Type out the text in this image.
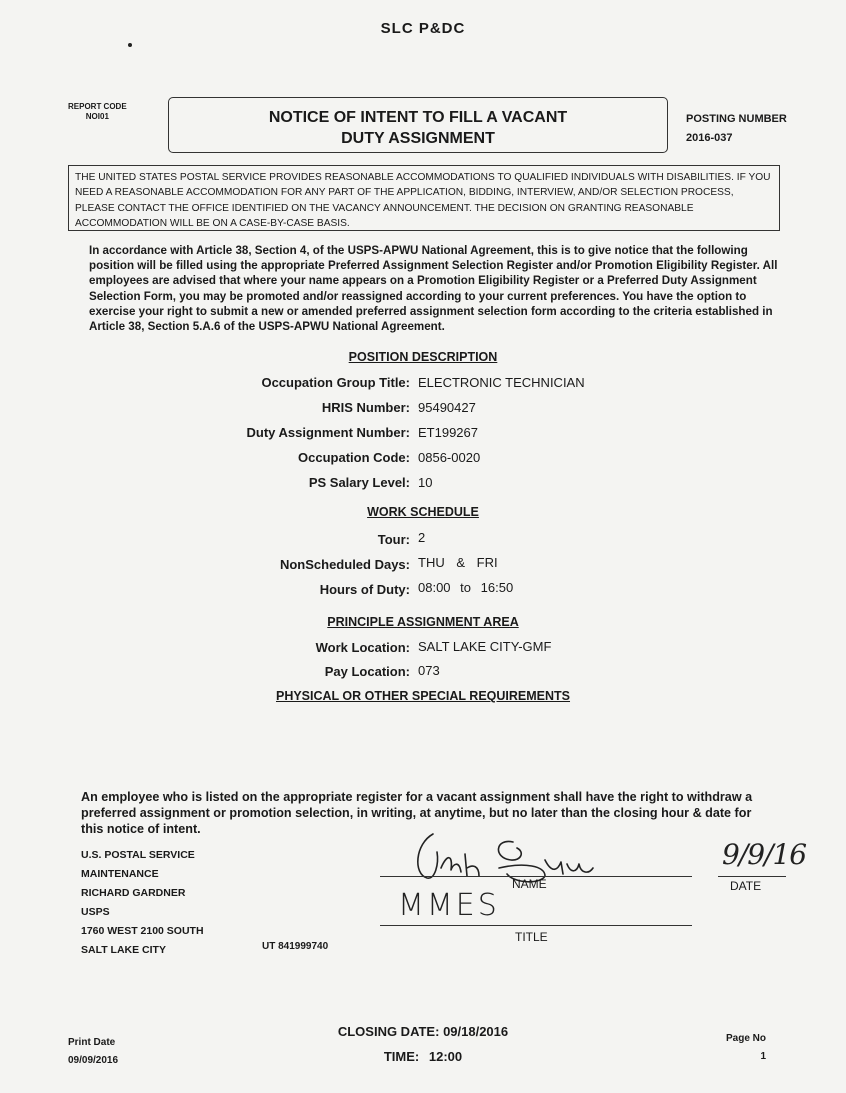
SLC P&DC
REPORT CODE
NOI01	NOTICE OF INTENT TO FILL A VACANT
DUTY ASSIGNMENT
POSTING NUMBER
2016-037
THE UNITED STATES POSTAL SERVICE PROVIDES REASONABLE ACCOMMODATIONS TO QUALIFIED INDIVIDUALS WITH DISABILITIES. IF YOU NEED A REASONABLE ACCOMMODATION FOR ANY PART OF THE APPLICATION, BIDDING, INTERVIEW, AND/OR SELECTION PROCESS, PLEASE CONTACT THE OFFICE IDENTIFIED ON THE VACANCY ANNOUNCEMENT. THE DECISION ON GRANTING REASONABLE ACCOMMODATION WILL BE ON A CASE-BY-CASE BASIS.
In accordance with Article 38, Section 4, of the USPS-APWU National Agreement, this is to give notice that the following position will be filled using the appropriate Preferred Assignment Selection Register and/or Promotion Eligibility Register. All employees are advised that where your name appears on a Promotion Eligibility Register or a Preferred Duty Assignment Selection Form, you may be promoted and/or reassigned according to your current preferences. You have the option to exercise your right to submit a new or amended preferred assignment selection form according to the criteria established in Article 38, Section 5.A.6 of the USPS-APWU National Agreement.
POSITION DESCRIPTION
Occupation Group Title: ELECTRONIC TECHNICIAN
HRIS Number: 95490427
Duty Assignment Number: ET199267
Occupation Code: 0856-0020
PS Salary Level: 10
WORK SCHEDULE
Tour: 2
NonScheduled Days: THU & FRI
Hours of Duty: 08:00 to 16:50
PRINCIPLE ASSIGNMENT AREA
Work Location: SALT LAKE CITY-GMF
Pay Location: 073
PHYSICAL OR OTHER SPECIAL REQUIREMENTS
An employee who is listed on the appropriate register for a vacant assignment shall have the right to withdraw a preferred assignment or promotion selection, in writing, at anytime, but no later than the closing hour & date for this notice of intent.
U.S. POSTAL SERVICE
MAINTENANCE
RICHARD GARDNER
USPS
1760 WEST 2100 SOUTH
SALT LAKE CITY	UT 841999740
NAME
9/9/16
DATE
MMES
TITLE
CLOSING DATE: 09/18/2016
TIME: 12:00
Print Date
09/09/2016
Page No
1
